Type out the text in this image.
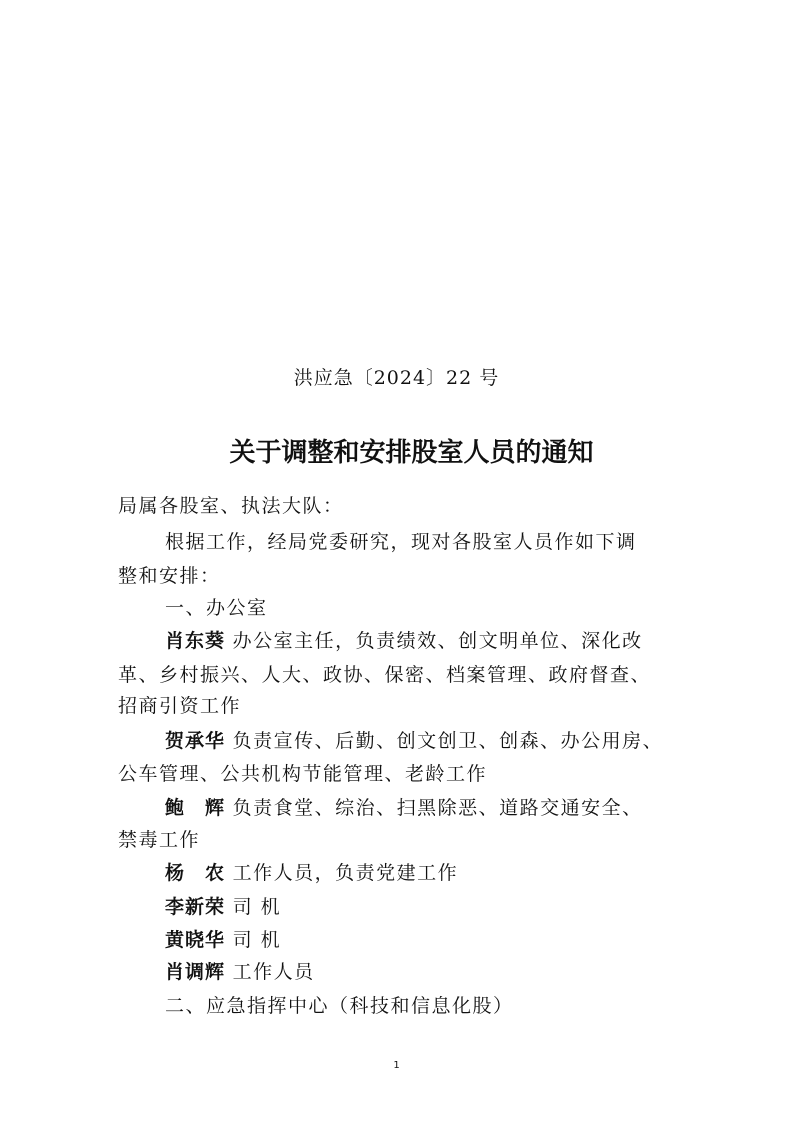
洪应急〔2024〕22 号
关于调整和安排股室人员的通知
局属各股室、执法大队：
根据工作，经局党委研究，现对各股室人员作如下调
整和安排：
一、办公室
肖东葵 办公室主任，负责绩效、创文明单位、深化改
革、乡村振兴、人大、政协、保密、档案管理、政府督查、
招商引资工作
贺承华 负责宣传、后勤、创文创卫、创森、办公用房、
公车管理、公共机构节能管理、老龄工作
鲍　辉 负责食堂、综治、扫黑除恶、道路交通安全、
禁毒工作
杨　农 工作人员，负责党建工作
李新荣 司 机
黄晓华 司 机
肖调辉 工作人员
二、应急指挥中心（科技和信息化股）
1
